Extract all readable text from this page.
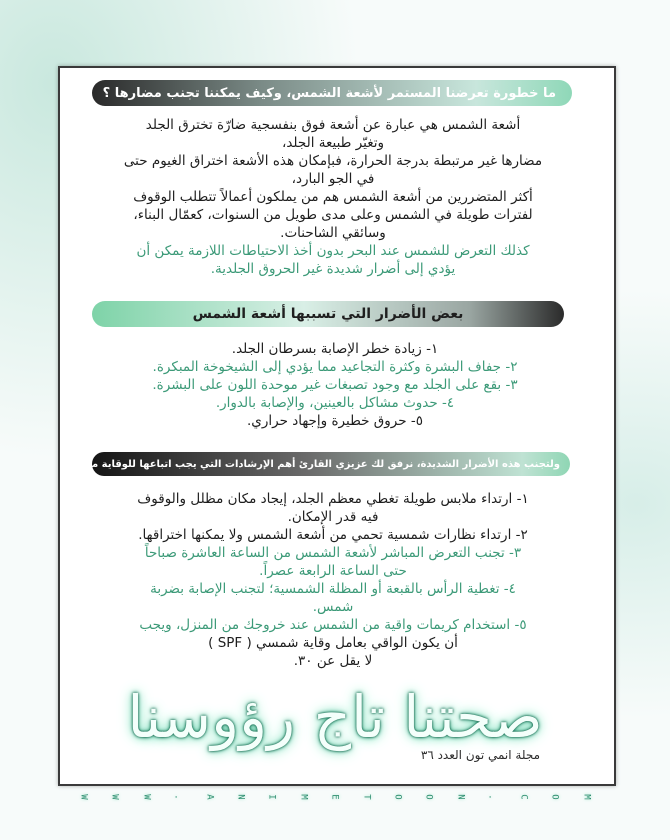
ما خطورة تعرضنا المستمر لأشعة الشمس، وكيف يمكننا تجنب مضارها ؟

أشعة الشمس هي عبارة عن أشعة فوق بنفسجية ضارّة تخترق الجلد

وتغيّر طبيعة الجلد،

مضارها غير مرتبطة بدرجة الحرارة، فبإمكان هذه الأشعة اختراق الغيوم حتى

في الجو البارد،

أكثر المتضررين من أشعة الشمس هم من يملكون أعمالاً تتطلب الوقوف

لفترات طويلة في الشمس وعلى مدى طويل من السنوات، كعمّال البناء،

وسائقي الشاحنات.

كذلك التعرض للشمس عند البحر بدون أخذ الاحتياطات اللازمة يمكن أن

يؤدي إلى أضرار شديدة غير الحروق الجلدية.

بعض الأضرار التي تسببها أشعة الشمس

١- زيادة خطر الإصابة بسرطان الجلد.

٢- جفاف البشرة وكثرة التجاعيد مما يؤدي إلى الشيخوخة المبكرة.

٣- بقع على الجلد مع وجود تصبغات غير موحدة اللون على البشرة.

٤- حدوث مشاكل بالعينين، والإصابة بالدوار.

٥- حروق خطيرة وإجهاد حراري.

ولتجنب هذه الأضرار الشديدة، نرفق لك عزيزي القارئ أهم الإرشادات التي يجب اتباعها للوقاية منها

١- ارتداء ملابس طويلة تغطي معظم الجلد، إيجاد مكان مظلل والوقوف

فيه قدر الإمكان.

٢- ارتداء نظارات شمسية تحمي من أشعة الشمس ولا يمكنها اختراقها.

٣- تجنب التعرض المباشر لأشعة الشمس من الساعة العاشرة صباحاً

حتى الساعة الرابعة عصراً.

٤- تغطية الرأس بالقبعة أو المظلة الشمسية؛ لتجنب الإصابة بضربة

شمس.

٥- استخدام كريمات واقية من الشمس عند خروجك من المنزل، ويجب

أن يكون الواقي بعامل وقاية شمسي ( SPF )

لا يقل عن ٣٠.

صحتنا تاج رؤوسنا
مجلة انمي تون العدد ٣٦
W W W . A N I M E T O O N . C O M
